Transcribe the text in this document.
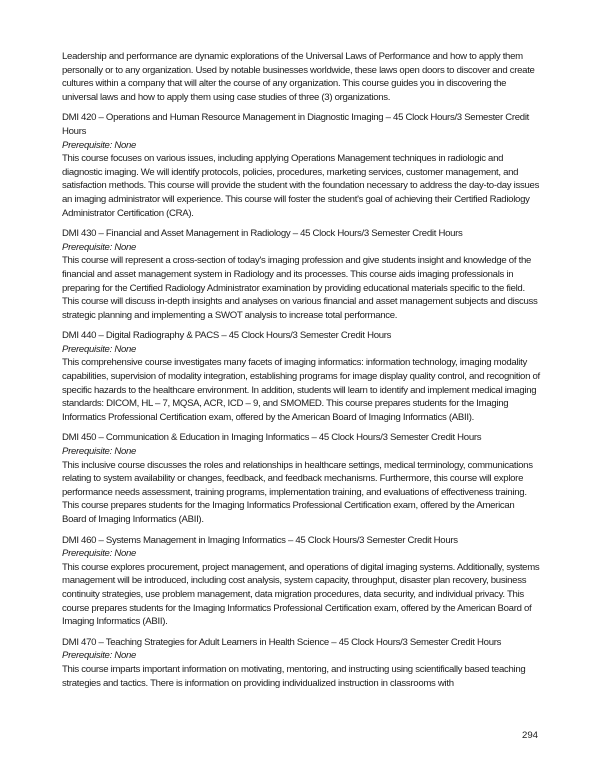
Leadership and performance are dynamic explorations of the Universal Laws of Performance and how to apply them personally or to any organization. Used by notable businesses worldwide, these laws open doors to discover and create cultures within a company that will alter the course of any organization. This course guides you in discovering the universal laws and how to apply them using case studies of three (3) organizations.

DMI 420 – Operations and Human Resource Management in Diagnostic Imaging – 45 Clock Hours/3 Semester Credit Hours

Prerequisite: None

This course focuses on various issues, including applying Operations Management techniques in radiologic and diagnostic imaging. We will identify protocols, policies, procedures, marketing services, customer management, and satisfaction methods. This course will provide the student with the foundation necessary to address the day-to-day issues an imaging administrator will experience. This course will foster the student's goal of achieving their Certified Radiology Administrator Certification (CRA).

DMI 430 – Financial and Asset Management in Radiology – 45 Clock Hours/3 Semester Credit Hours

Prerequisite: None

This course will represent a cross-section of today's imaging profession and give students insight and knowledge of the financial and asset management system in Radiology and its processes. This course aids imaging professionals in preparing for the Certified Radiology Administrator examination by providing educational materials specific to the field. This course will discuss in-depth insights and analyses on various financial and asset management subjects and discuss strategic planning and implementing a SWOT analysis to increase total performance.

DMI 440 – Digital Radiography & PACS – 45 Clock Hours/3 Semester Credit Hours

Prerequisite: None

This comprehensive course investigates many facets of imaging informatics: information technology, imaging modality capabilities, supervision of modality integration, establishing programs for image display quality control, and recognition of specific hazards to the healthcare environment. In addition, students will learn to identify and implement medical imaging standards: DICOM, HL – 7, MQSA, ACR, ICD – 9, and SMOMED. This course prepares students for the Imaging Informatics Professional Certification exam, offered by the American Board of Imaging Informatics (ABII).

DMI 450 – Communication & Education in Imaging Informatics – 45 Clock Hours/3 Semester Credit Hours

Prerequisite: None

This inclusive course discusses the roles and relationships in healthcare settings, medical terminology, communications relating to system availability or changes, feedback, and feedback mechanisms. Furthermore, this course will explore performance needs assessment, training programs, implementation training, and evaluations of effectiveness training. This course prepares students for the Imaging Informatics Professional Certification exam, offered by the American Board of Imaging Informatics (ABII).

DMI 460 – Systems Management in Imaging Informatics – 45 Clock Hours/3 Semester Credit Hours

Prerequisite: None

This course explores procurement, project management, and operations of digital imaging systems. Additionally, systems management will be introduced, including cost analysis, system capacity, throughput, disaster plan recovery, business continuity strategies, use problem management, data migration procedures, data security, and individual privacy. This course prepares students for the Imaging Informatics Professional Certification exam, offered by the American Board of Imaging Informatics (ABII).

DMI 470 – Teaching Strategies for Adult Learners in Health Science – 45 Clock Hours/3 Semester Credit Hours

Prerequisite: None

This course imparts important information on motivating, mentoring, and instructing using scientifically based teaching strategies and tactics. There is information on providing individualized instruction in classrooms with

294
